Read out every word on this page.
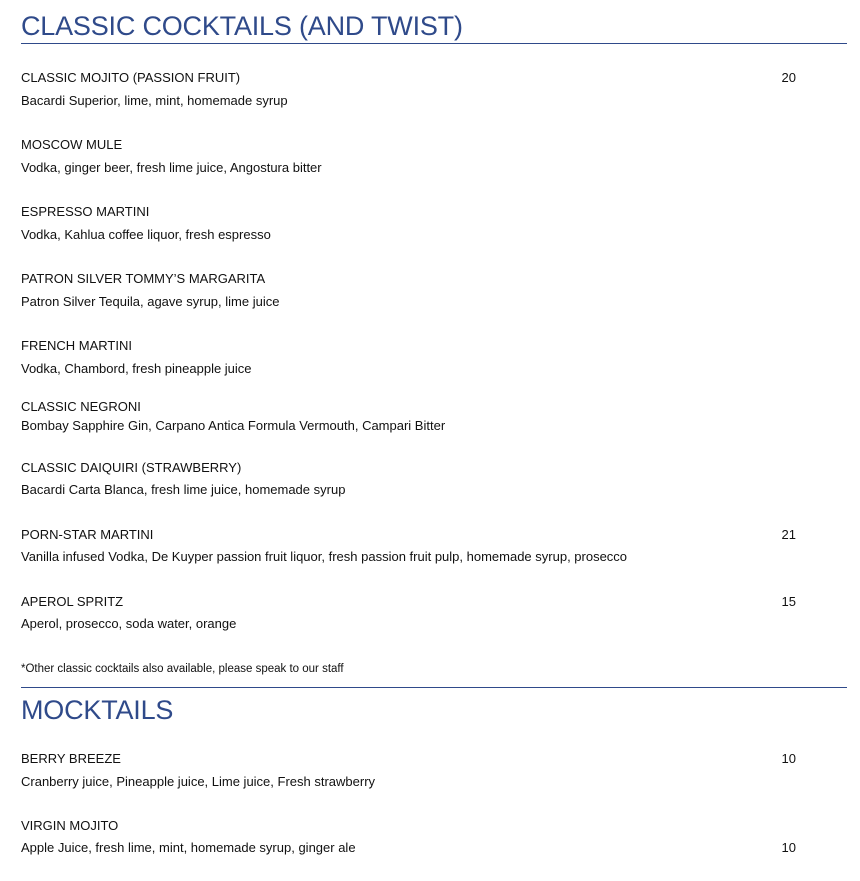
CLASSIC COCKTAILS (AND TWIST)
CLASSIC MOJITO (PASSION FRUIT)	20
Bacardi Superior, lime, mint, homemade syrup
MOSCOW MULE
Vodka, ginger beer, fresh lime juice, Angostura bitter
ESPRESSO MARTINI
Vodka, Kahlua coffee liquor, fresh espresso
PATRON SILVER TOMMY’S MARGARITA
Patron Silver Tequila, agave syrup, lime juice
FRENCH MARTINI
Vodka, Chambord, fresh pineapple juice
CLASSIC NEGRONI
Bombay Sapphire Gin, Carpano Antica Formula Vermouth, Campari Bitter
CLASSIC DAIQUIRI (STRAWBERRY)
Bacardi Carta Blanca, fresh lime juice, homemade syrup
PORN-STAR MARTINI	21
Vanilla infused Vodka, De Kuyper passion fruit liquor, fresh passion fruit pulp, homemade syrup, prosecco
APEROL SPRITZ	15
Aperol, prosecco, soda water, orange
*Other classic cocktails also available, please speak to our staff
MOCKTAILS
BERRY BREEZE	10
Cranberry juice, Pineapple juice, Lime juice, Fresh strawberry
VIRGIN MOJITO
Apple Juice, fresh lime, mint, homemade syrup, ginger ale	10
